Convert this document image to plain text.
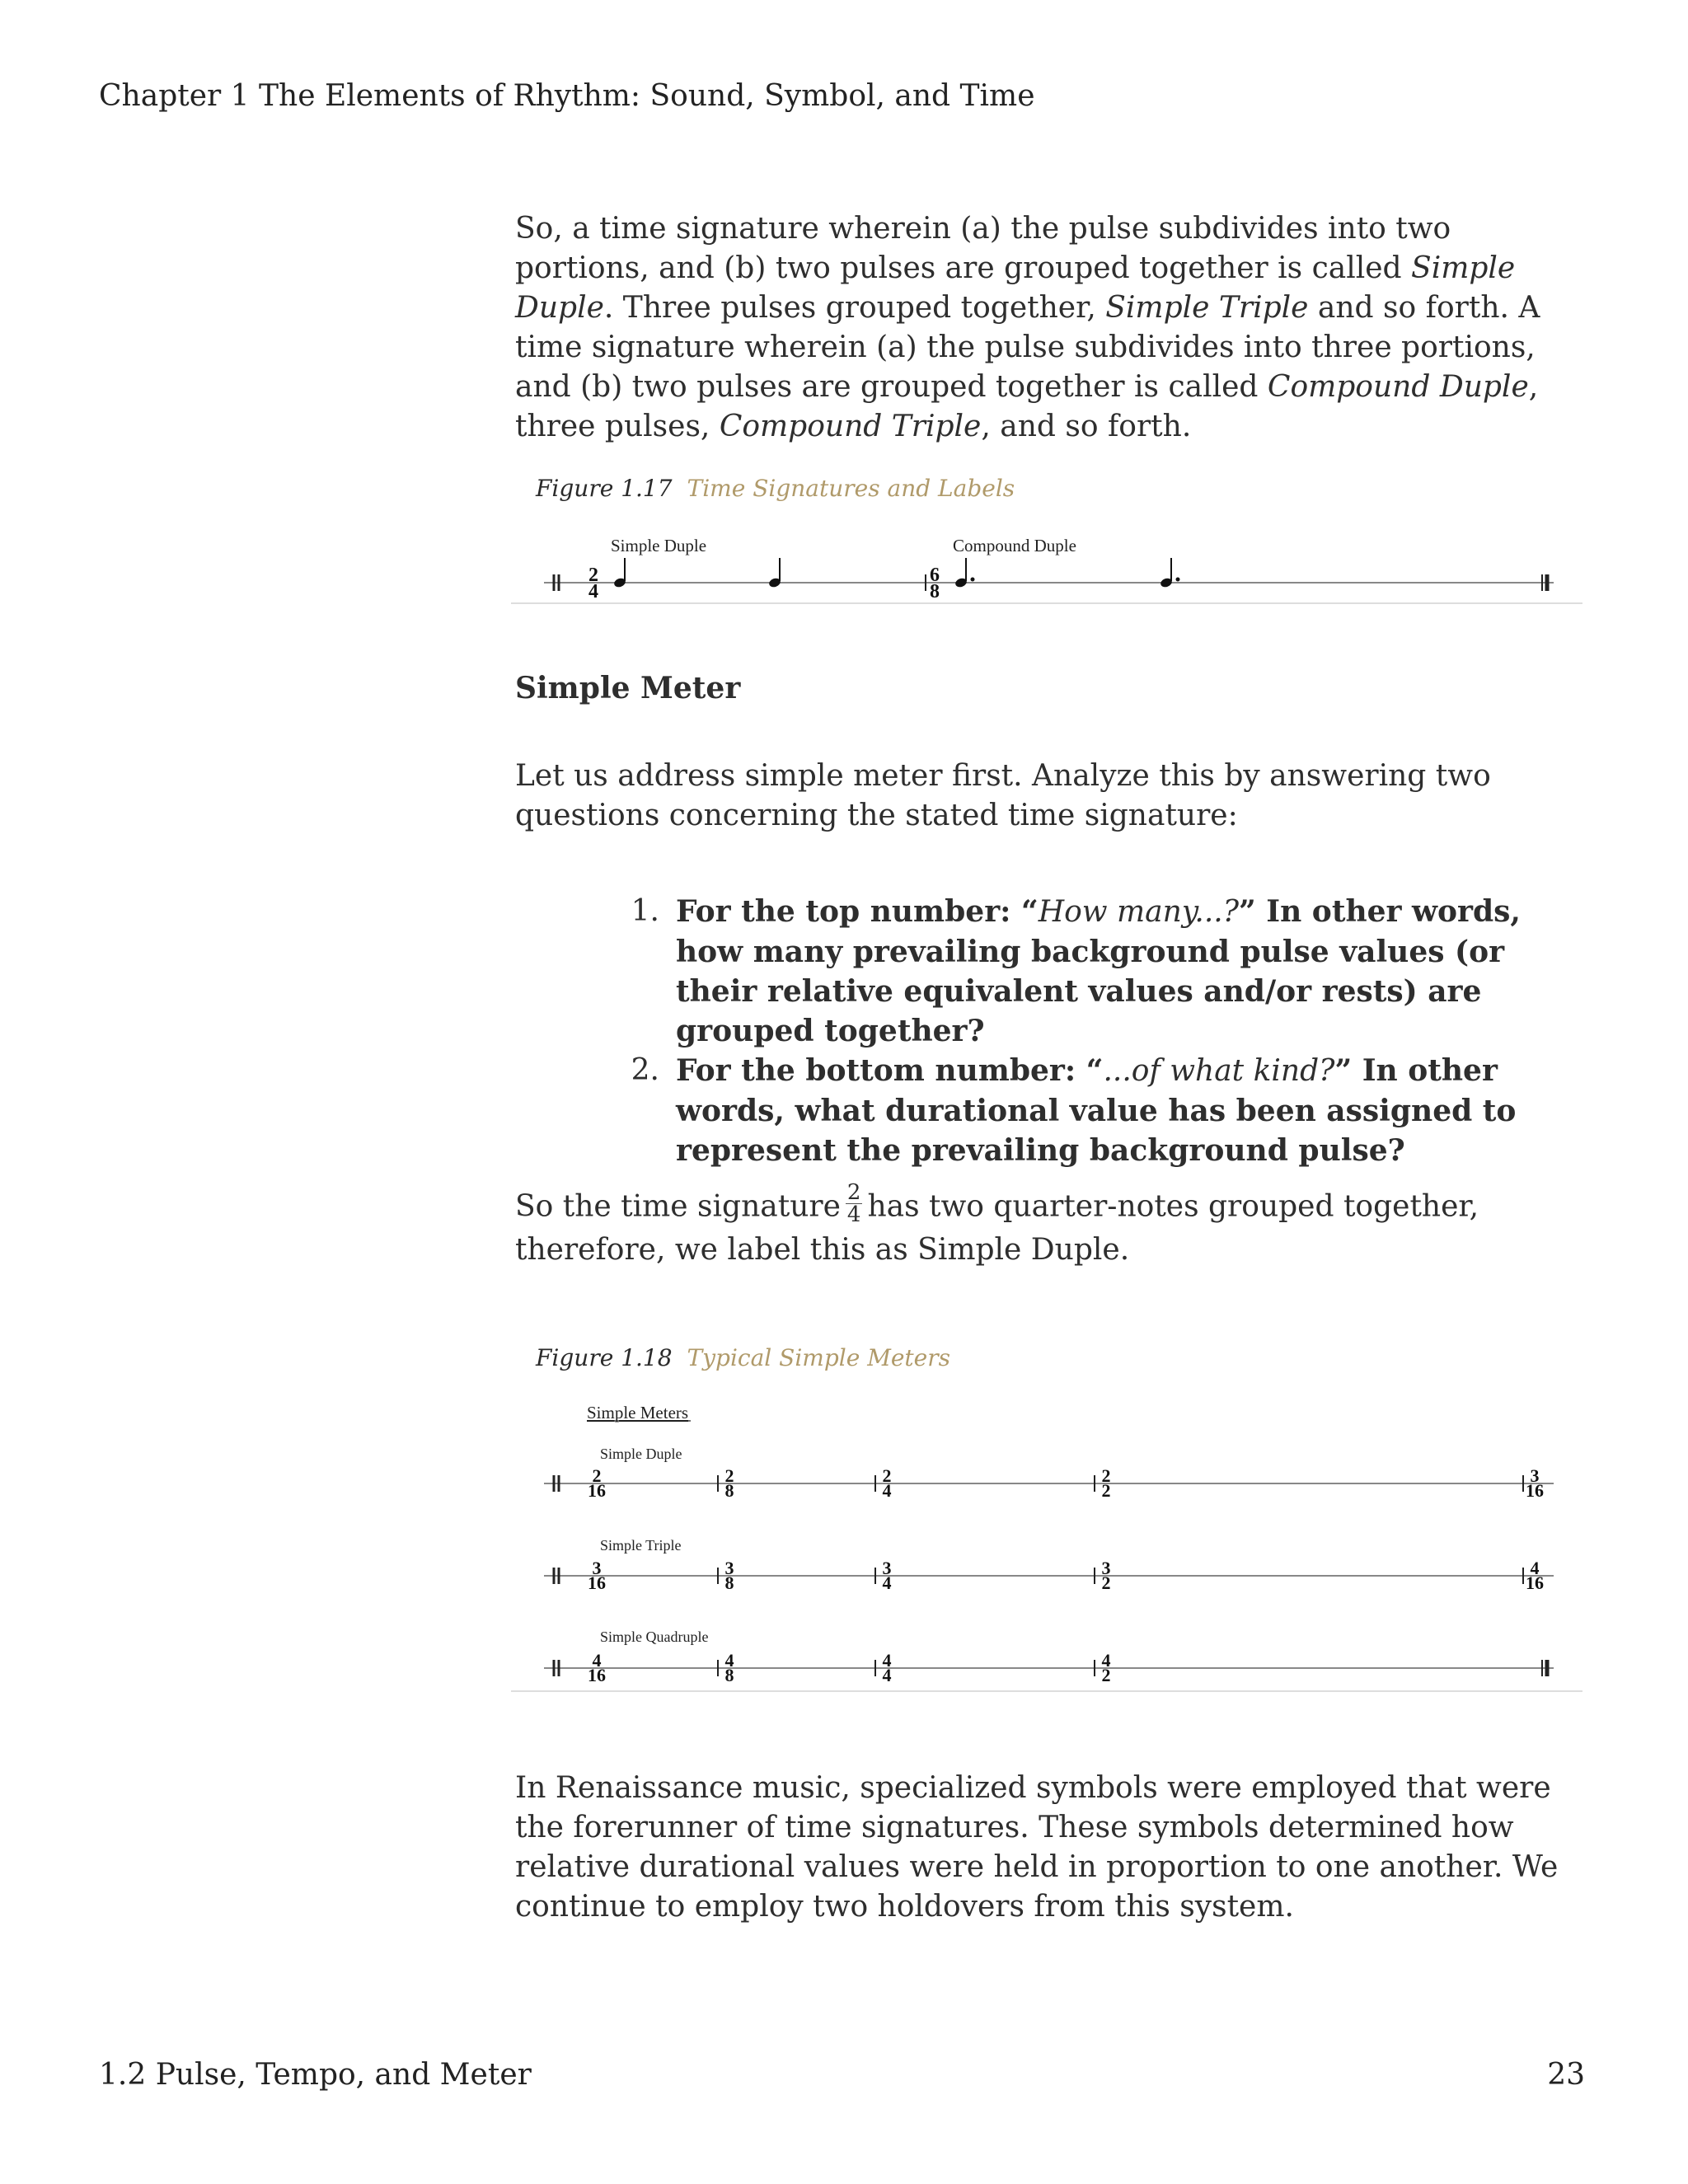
Chapter 1 The Elements of Rhythm: Sound, Symbol, and Time
So, a time signature wherein (a) the pulse subdivides into two portions, and (b) two pulses are grouped together is called Simple Duple. Three pulses grouped together, Simple Triple and so forth. A time signature wherein (a) the pulse subdivides into three portions, and (b) two pulses are grouped together is called Compound Duple, three pulses, Compound Triple, and so forth.
Figure 1.17 Time Signatures and Labels
Simple Duple	Compound Duple
2
4
6
8
Simple Meter
Let us address simple meter first. Analyze this by answering two questions concerning the stated time signature:
1. For the top number: “How many...?” In other words, how many prevailing background pulse values (or their relative equivalent values and/or rests) are grouped together?
2. For the bottom number: “...of what kind?” In other words, what durational value has been assigned to represent the prevailing background pulse?
So the time signature $\frac{2}{4}$ has two quarter-notes grouped together, therefore, we label this as Simple Duple.
Figure 1.18 Typical Simple Meters
Simple Meters
Simple Duple
2
16
2
8
2
4
2
2
3
16
Simple Triple
3
16
3
8
3
4
3
2
4
16
Simple Quadruple
4
16
4
8
4
4
4
2
In Renaissance music, specialized symbols were employed that were the forerunner of time signatures. These symbols determined how relative durational values were held in proportion to one another. We continue to employ two holdovers from this system.
1.2 Pulse, Tempo, and Meter	23
